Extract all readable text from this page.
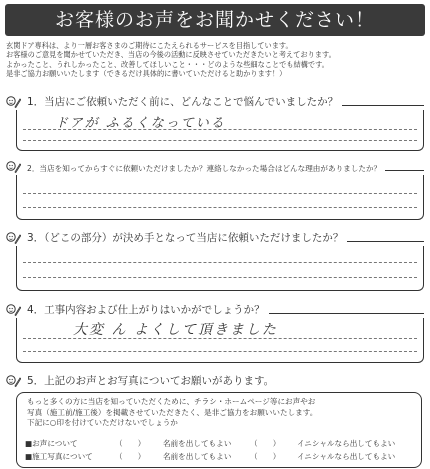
お客様のお声をお聞かせください！
玄関ドア専科は、より一層お客さまのご期待にこたえられるサービスを目指しています。
お客様のご意見を聞かせていただき、当店の今後の活動に反映させていただきたいと考えております。
よかったこと、うれしかったこと、改善してほしいこと・・・どのような些細なことでも結構です。
是非ご協力お願いいたします（できるだけ具体的に書いていただけると助かります！）
1．当店にご依頼いただく前に、どんなことで悩んでいましたか？
ドアが ふるくなっている
2．当店を知ってからすぐに依頼いただけましたか？連絡しなかった場合はどんな理由がありましたか？
3．（どこの部分）が決め手となって当店に依頼いただけましたか？
4．工事内容および仕上がりはいかがでしょうか？
大変 ん よくして頂きました
5．上記のお声とお写真についてお願いがあります。
もっと多くの方に当店を知っていただくために、チラシ・ホームページ等にお声やお
写真（施工前/施工後）を掲載させていただきたく、是非ご協力をお願いいたします。
下記に○印を付けていただけないでしょうか
■お声について	（　　） 名前を出してもよい （　　） イニシャルなら出してもよい
■施工写真について	（　　） 名前を出してもよい （　　） イニシャルなら出してもよい
